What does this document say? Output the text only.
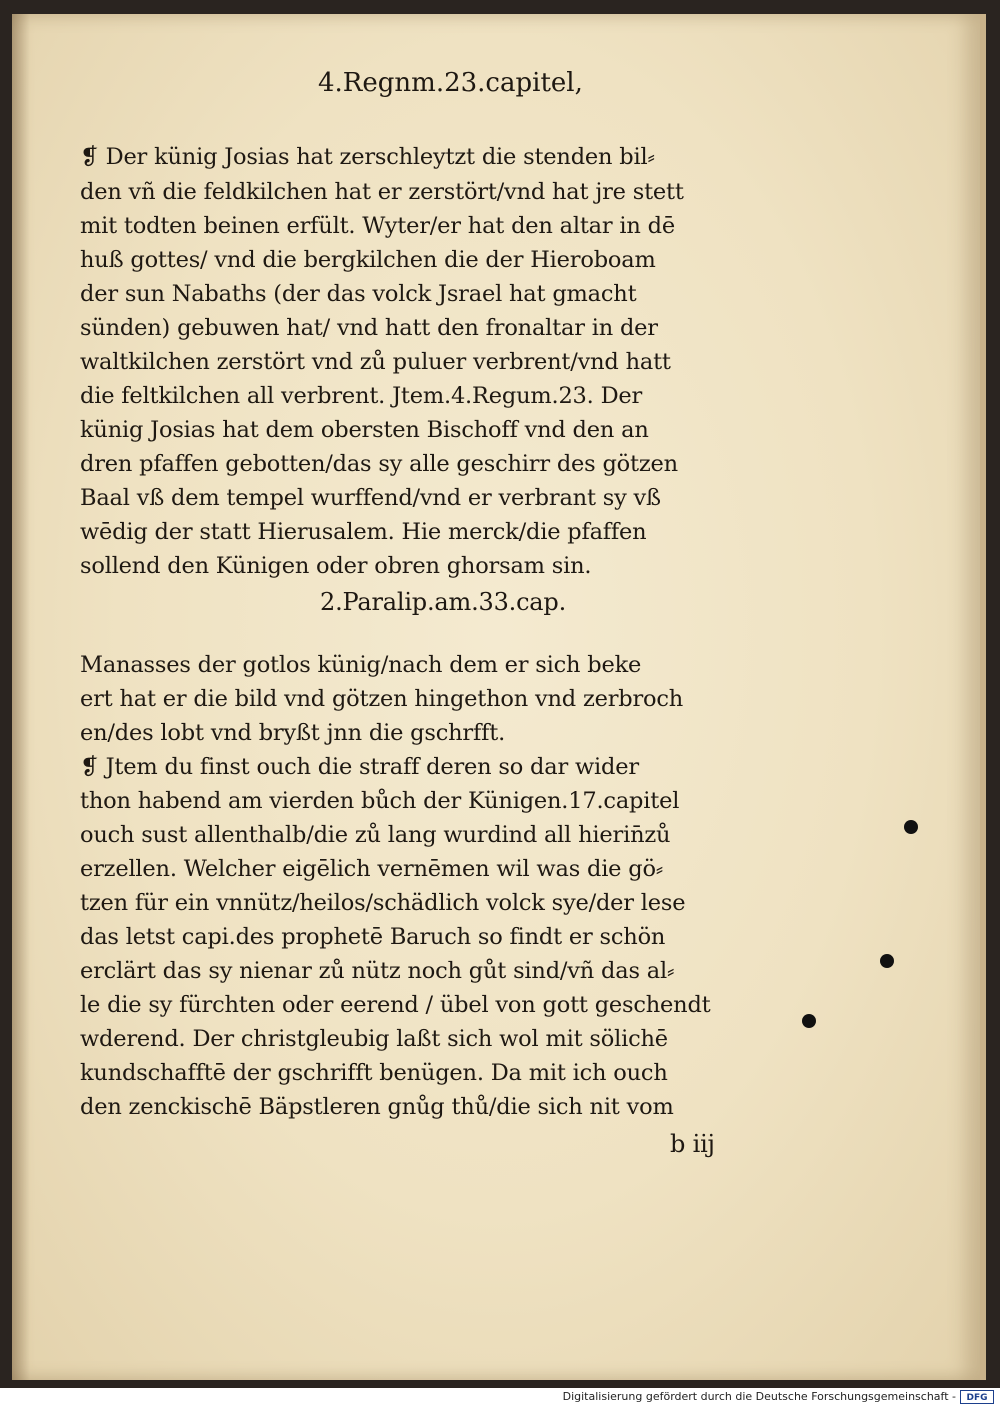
4.Regnm.23.capitel,
❡ Der künig Josias hat zerschleytzt die stenden bil⸗
den vñ die feldkilchen hat er zerstört/vnd hat jre stett
mit todten beinen erfült. Wyter/er hat den altar in dē
huß gottes/ vnd die bergkilchen die der Hieroboam
der sun Nabaths (der das volck Jsrael hat gmacht
sünden) gebuwen hat/ vnd hatt den fronaltar in der
waltkilchen zerstört vnd zů puluer verbrent/vnd hatt
die feltkilchen all verbrent. Jtem.4.Regum.23. Der
künig Josias hat dem obersten Bischoff vnd den an
dren pfaffen gebotten/das sy alle geschirr des götzen
Baal vß dem tempel wurffend/vnd er verbrant sy vß
wēdig der statt Hierusalem. Hie merck/die pfaffen
sollend den Künigen oder obren ghorsam sin.
2.Paralip.am.33.cap.
Manasses der gotlos künig/nach dem er sich beke
ert hat er die bild vnd götzen hingethon vnd zerbroch
en/des lobt vnd bryßt jnn die gschrfft.
❡ Jtem du finst ouch die straff deren so dar wider
thon habend am vierden bůch der Künigen.17.capitel
ouch sust allenthalb/die zů lang wurdind all hierin̄zů
erzellen. Welcher eigēlich vernēmen wil was die gö⸗
tzen für ein vnnütz/heilos/schädlich volck sye/der lese
das letst capi.des prophetē Baruch so findt er schön
erclärt das sy nienar zů nütz noch gůt sind/vñ das al⸗
le die sy fürchten oder eerend / übel von gott geschendt
wderend. Der christgleubig laßt sich wol mit sölichē
kundschafftē der gschrifft benügen. Da mit ich ouch
den zenckischē Bäpstleren gnůg thů/die sich nit vom
b iij
Digitalisierung gefördert durch die Deutsche Forschungsgemeinschaft -	DFG
